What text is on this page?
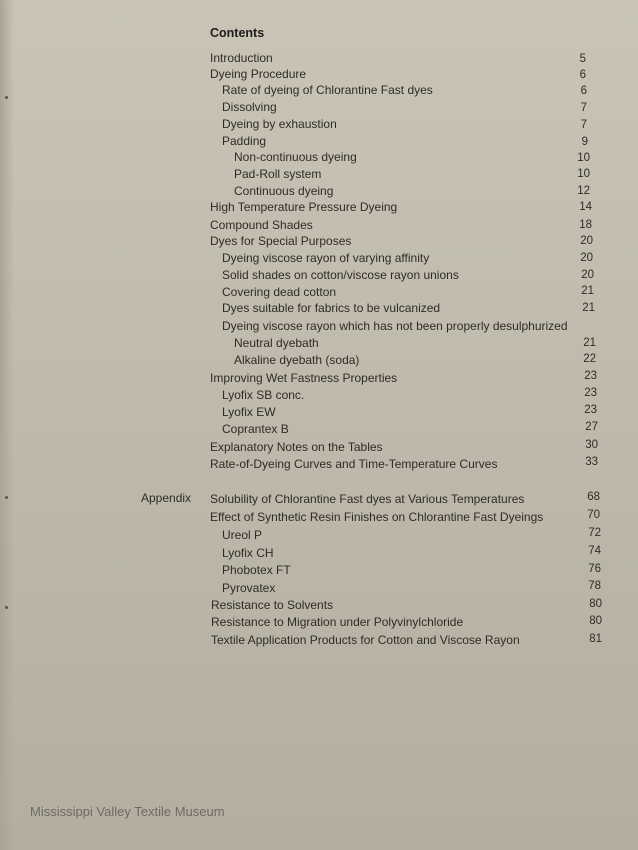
Contents
Introduction	5
Dyeing Procedure	6
Rate of dyeing of Chlorantine Fast dyes	6
Dissolving	7
Dyeing by exhaustion	7
Padding	9
Non-continuous dyeing	10
Pad-Roll system	10
Continuous dyeing	12
High Temperature Pressure Dyeing	14
Compound Shades	18
Dyes for Special Purposes	20
Dyeing viscose rayon of varying affinity	20
Solid shades on cotton/viscose rayon unions	20
Covering dead cotton	21
Dyes suitable for fabrics to be vulcanized	21
Dyeing viscose rayon which has not been properly desulphurized
Neutral dyebath	21
Alkaline dyebath (soda)	22
Improving Wet Fastness Properties	23
Lyofix SB conc.	23
Lyofix EW	23
Coprantex B	27
Explanatory Notes on the Tables	30
Rate-of-Dyeing Curves and Time-Temperature Curves	33
Appendix Solubility of Chlorantine Fast dyes at Various Temperatures	68
Effect of Synthetic Resin Finishes on Chlorantine Fast Dyeings	70
Ureol P	72
Lyofix CH	74
Phobotex FT	76
Pyrovatex	78
Resistance to Solvents	80
Resistance to Migration under Polyvinylchloride	80
Textile Application Products for Cotton and Viscose Rayon	81
Mississippi Valley Textile Museum
